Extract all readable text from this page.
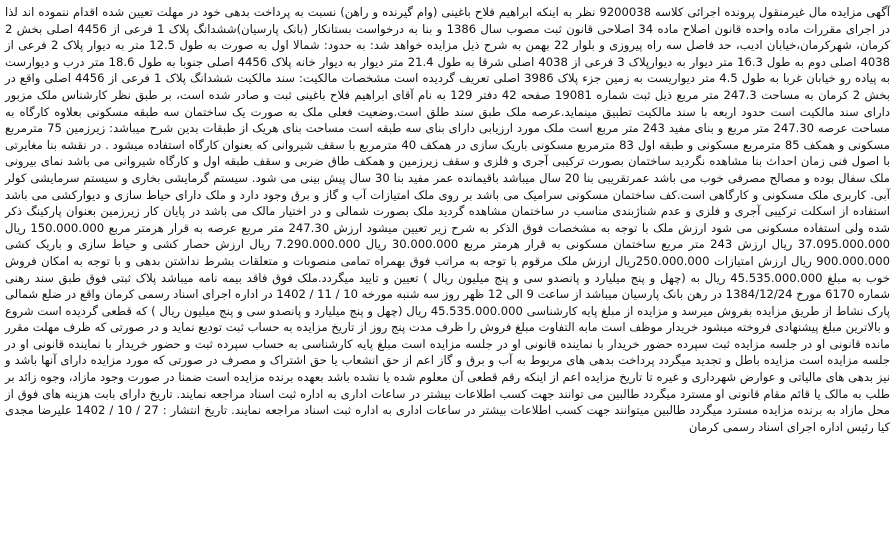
آگهی مزایده مال غیرمنقول پرونده اجرائی کلاسه 9200038 نظر به اینکه ابراهیم فلاح باغینی (وام گیرنده و راهن) نسبت به پرداخت بدهی خود در مهلت تعیین شده اقدام ننموده اند لذا در اجرای مقررات ماده واحده قانون اصلاح ماده 34 اصلاحی قانون ثبت مصوب سال 1386 و بنا به درخواست بستانکار (بانک پارسیان)ششدانگ پلاک 1 فرعی از 4456 اصلی بخش 2 کرمان، شهرکرمان،خیابان ادیب، حد فاصل سه راه پیروزی و بلوار 22 بهمن به شرح ذیل مزایده خواهد شد: به حدود: شمالا اول به صورت به طول 12.5 متر به دیوار پلاک 2 فرعی از 4038 اصلی دوم به طول 16.3 متر دیوار به دیوارپلاک 3 فرعی از 4038 اصلی شرقا به طول 21.4 متر دیوار به دیوار خانه پلاک 4456 اصلی جنوبا به طول 18.6 متر درب و دیوارست به پیاده رو خیابان غربا به طول 4.5 متر دیواریست به زمین جزء پلاک 3986 اصلی تعریف گردیده است مشخصات مالکیت: سند مالکیت ششدانگ پلاک 1 فرعی از 4456 اصلی واقع در بخش 2 کرمان به مساحت 247.3 متر مربع ذیل ثبت شماره 19081 صفحه 42 دفتر 129 به نام آقای ابراهیم فلاح باغینی ثبت و صادر شده است، بر طبق نظر کارشناس ملک مزبور دارای سند مالکیت است حدود اربعه با سند مالکیت تطبیق مینماید.عرصه ملک طبق سند طلق است.وضعیت فعلی ملک به صورت یک ساختمان سه طبقه مسکونی بعلاوه کارگاه به مساحت عرصه 247.30 متر مربع و بنای مفید 243 متر مربع است ملک مورد ارزیابی دارای بنای سه طبقه است مساحت بنای هریک از طبقات بدین شرح میباشد: زیرزمین 75 مترمربع مسکونی و همکف 85 مترمربع مسکونی و طبقه اول 83 مترمربع مسکونی باریک سازی در همکف 40 مترمربع با سقف شیروانی که بعنوان کارگاه استفاده میشود . در نقشه بنا مغایرتی با اصول فنی زمان احداث بنا مشاهده نگردید ساختمان بصورت ترکیبی آجری و فلزی و سقف زیرزمین و همکف طاق ضربی و سقف طبقه اول و کارگاه شیروانی می باشد نمای بیرونی ملک سفال بوده و مصالح مصرفی خوب می باشد عمرتقریبی بنا 20 سال میباشد باقیمانده عمر مفید بنا 30 سال پیش بینی می شود. سیستم گرمایشی بخاری و سیستم سرمایشی کولر آبی. کاربری ملک مسکونی و کارگاهی است.کف ساختمان مسکونی سرامیک می باشد بر روی ملک امتیازات آب و گاز و برق وجود دارد و ملک دارای حیاط سازی و دیوارکشی می باشد استفاده از اسکلت ترکیبی آجری و فلزی و عدم شناژبندی مناسب در ساختمان مشاهده گردید ملک بصورت شمالی و در اختیار مالک می باشد در پایان کار زیرزمین بعنوان پارکینگ ذکر شده ولی استفاده مسکونی می شود ارزش ملک با توجه به مشخصات فوق الذکر به شرح زیر تعیین میشود ارزش 247.30 متر مربع عرصه به قرار هرمتر مربع 150.000.000 ریال 37.095.000.000 ریال ارزش 243 متر مربع ساختمان مسکونی به قرار هرمتر مربع 30.000.000 ریال 7.290.000.000 ریال ارزش حصار کشی و حیاط سازی و باریک کشی 900.000.000 ریال ارزش امتیازات 250.000.000ریال ارزش ملک مرقوم با توجه به مراتب فوق بهمراه تمامی منصوبات و متعلقات بشرط نداشتن بدهی و با توجه به امکان فروش خوب به مبلغ 45.535.000.000 ریال به (چهل و پنج میلیارد و پانصدو سی و پنج میلیون ریال ) تعیین و تایید میگردد.ملک فوق فاقد بیمه نامه میباشد پلاک ثبتی فوق طبق سند رهنی شماره 6170 مورخ 1384/12/24 در رهن بانک پارسیان میباشد از ساعت 9 الی 12 ظهر روز سه شنبه مورخه 10 / 11 / 1402 در اداره اجرای اسناد رسمی کرمان واقع در ضلع شمالی پارک نشاط از طریق مزایده بفروش میرسد و مزایده از مبلغ پایه کارشناسی 45.535.000.000 ریال (چهل و پنج میلیارد و پانصدو سی و پنج میلیون ریال ) که قطعی گردیده است شروع و بالاترین مبلغ پیشنهادی فروخته میشود خریدار موظف است مابه التفاوت مبلغ فروش را ظرف مدت پنج روز از تاریخ مزایده به حساب ثبت تودیع نماید و در صورتی که ظرف مهلت مقرر مانده قانونی او در جلسه مزایده ثبت سپرده حضور خریدار با نماینده قانونی او در جلسه مزایده است مبلغ پایه کارشناسی به حساب سپرده ثبت و حضور خریدار با نماینده قانونی او در جلسه مزایده است مزایده باطل و تجدید میگردد پرداخت بدهی های مربوط به آب و برق و گاز اعم از حق انشعاب یا حق اشتراک و مصرف در صورتی که مورد مزایده دارای آنها باشد و نیز بدهی های مالیاتی و عوارض شهرداری و غیره تا تاریخ مزایده اعم از اینکه رقم قطعی آن معلوم شده یا نشده باشد بعهده برنده مزایده است ضمنا در صورت وجود مازاد، وجوه زائد بر طلب به مالک یا قائم مقام قانونی او مسترد میگردد طالبین می توانند جهت کسب اطلاعات بیشتر در ساعات اداری به اداره ثبت اسناد مراجعه نمایند. تاریخ دارای بابت هزینه های فوق از محل مازاد به برنده مزایده مسترد میگردد طالبین میتوانند جهت کسب اطلاعات بیشتر در ساعات اداری به اداره ثبت اسناد مراجعه نمایند. تاریخ انتشار : 27 / 10 / 1402 علیرضا مجدی کیا رئیس اداره اجرای اسناد رسمی کرمان
